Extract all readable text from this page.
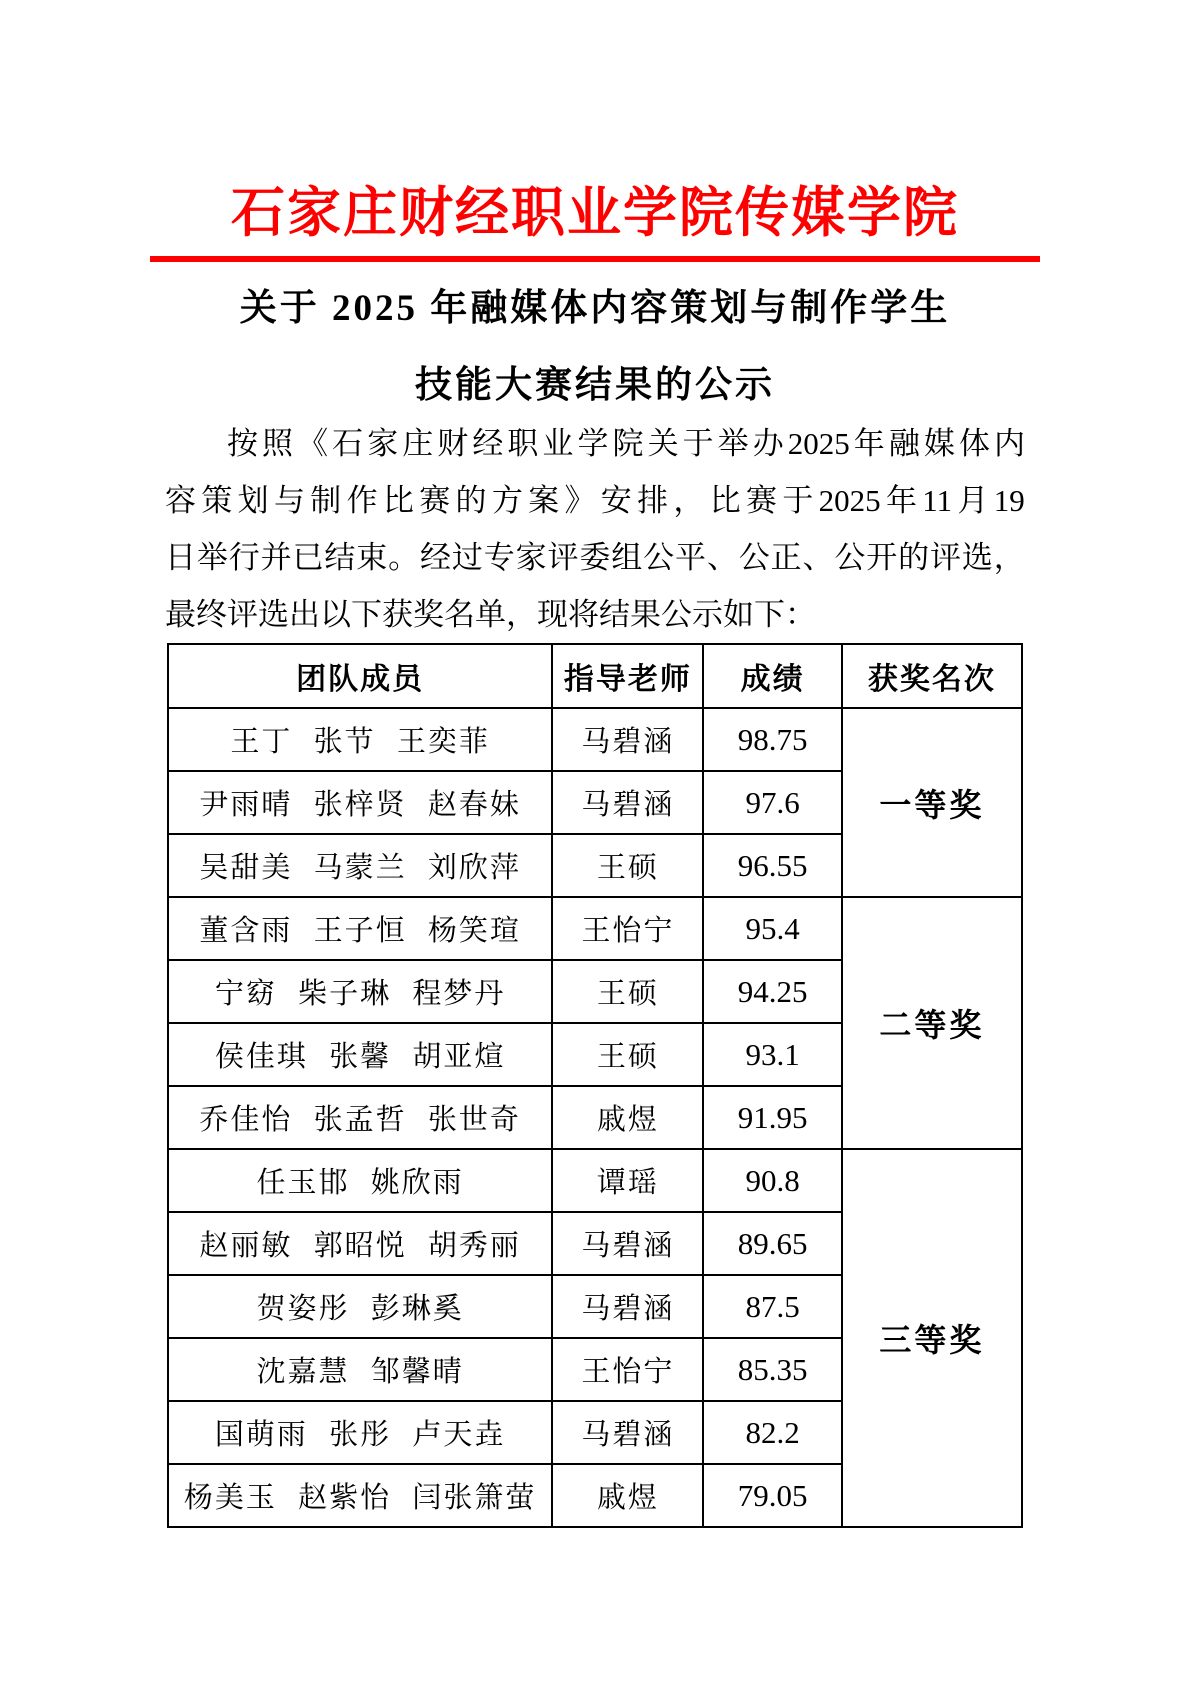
石家庄财经职业学院传媒学院
关于 2025 年融媒体内容策划与制作学生
技能大赛结果的公示
按 照 《 石 家 庄 财 经 职 业 学 院 关 于 举 办 2025 年 融 媒 体 内
容 策 划 与 制 作 比 赛 的 方 案 》 安 排 ， 比 赛 于 2025 年 11 月 19
日 举 行 并 已 结 束 。 经 过 专 家 评 委 组 公 平 、 公 正 、 公 开 的 评 选 ，
最终评选出以下获奖名单，现将结果公示如下：
团队成员	指导老师	成绩	获奖名次
王丁 张节 王奕菲	马碧涵	98.75	一等奖
尹雨晴 张梓贤 赵春妹	马碧涵	97.6	
吴甜美 马蒙兰 刘欣萍	王硕	96.55	
董含雨 王子恒 杨笑瑄	王怡宁	95.4	二等奖
宁窈 柴子琳 程梦丹	王硕	94.25	
侯佳琪 张馨 胡亚煊	王硕	93.1	
乔佳怡 张孟哲 张世奇	戚煜	91.95	
任玉邯 姚欣雨	谭瑶	90.8	三等奖
赵丽敏 郭昭悦 胡秀丽	马碧涵	89.65	
贺姿彤 彭琳奚	马碧涵	87.5	
沈嘉慧 邹馨晴	王怡宁	85.35	
国萌雨 张彤 卢天垚	马碧涵	82.2	
杨美玉 赵紫怡 闫张箫萤	戚煜	79.05	
